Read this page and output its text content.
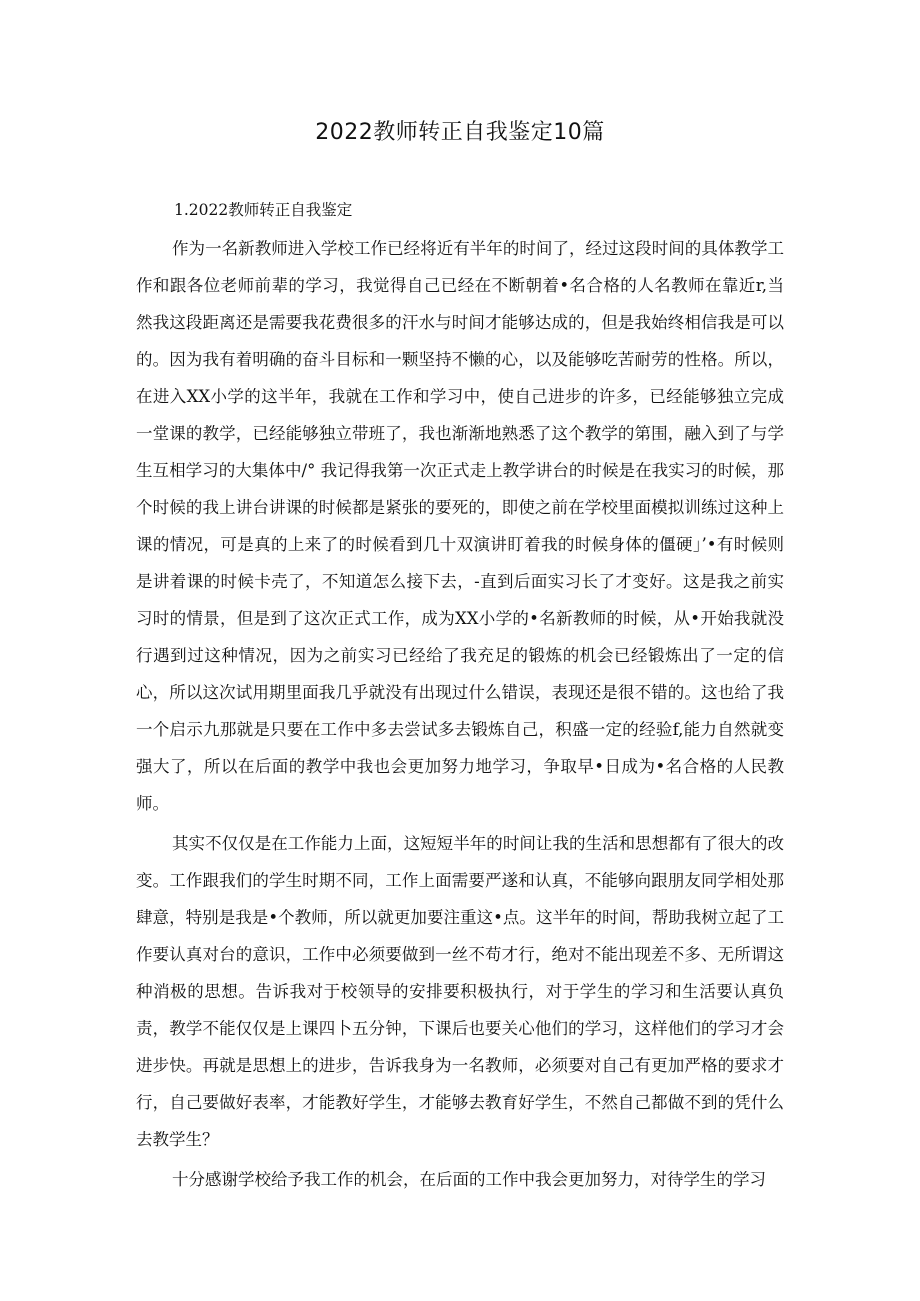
2022教师转正自我鉴定10篇

1.2022教师转正自我鉴定

作为一名新教师进入学校工作已经将近有半年的时间了，经过这段时间的具体教学工作和跟各位老师前辈的学习，我觉得自己已经在不断朝着•名合格的人名教师在靠近r,当然我这段距离还是需要我花费很多的汗水与时间才能够达成的，但是我始终相信我是可以的。因为我有着明确的奋斗目标和一颗坚持不懒的心，以及能够吃苦耐劳的性格。所以，在进入XX小学的这半年，我就在工作和学习中，使自己进步的许多，已经能够独立完成一堂课的教学，已经能够独立带班了，我也渐渐地熟悉了这个教学的第围，融入到了与学生互相学习的大集体中/° 我记得我第一次正式走上教学讲台的时候是在我实习的时候，那个时候的我上讲台讲课的时候都是紧张的要死的，即使之前在学校里面模拟训练过这种上课的情况，可是真的上来了的时候看到几十双演讲盯着我的时候身体的僵硬」’•有时候则是讲着课的时候卡壳了，不知道怎么接下去，-直到后面实习长了才变好。这是我之前实习时的情景，但是到了这次正式工作，成为XX小学的•名新教师的时候，从•开始我就没行遇到过这种情况，因为之前实习已经给了我充足的锻炼的机会已经锻炼出了一定的信心，所以这次试用期里面我几乎就没有出现过什么错误，表现还是很不错的。这也给了我一个启示九那就是只要在工作中多去尝试多去锻炼自己，积盛一定的经验f,能力自然就变强大了，所以在后面的教学中我也会更加努力地学习，争取早•日成为•名合格的人民教师。

其实不仅仅是在工作能力上面，这短短半年的时间让我的生活和思想都有了很大的改变。工作跟我们的学生时期不同，工作上面需要严遂和认真，不能够向跟朋友同学相处那肆意，特别是我是•个教师，所以就更加要注重这•点。这半年的时间，帮助我树立起了工作要认真对台的意识，工作中必须要做到一丝不苟才行，绝对不能出现差不多、无所谓这种消极的思想。告诉我对于校领导的安排要积极执行，对于学生的学习和生活要认真负责，教学不能仅仅是上课四卜五分钟，下课后也要关心他们的学习，这样他们的学习才会进步快。再就是思想上的进步，告诉我身为一名教师，必须要对自己有更加严格的要求才行，自己要做好表率，才能教好学生，才能够去教育好学生，不然自己都做不到的凭什么去教学生？

十分感谢学校给予我工作的机会，在后面的工作中我会更加努力，对待学生的学习
